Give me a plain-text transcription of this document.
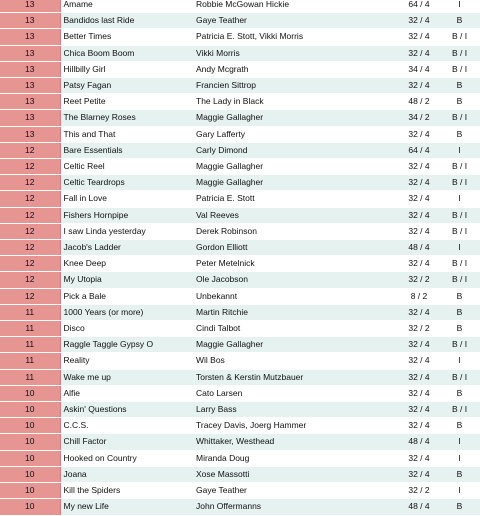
13	Amame	Robbie McGowan Hickie	64 / 4	I
13	Bandidos last Ride	Gaye Teather	32 / 4	B
13	Better Times	Patricia E. Stott, Vikki Morris	32 / 4	B / I
13	Chica Boom Boom	Vikki Morris	32 / 4	B / I
13	Hillbilly Girl	Andy Mcgrath	34 / 4	B / I
13	Patsy Fagan	Francien Sittrop	32 / 4	B
13	Reet Petite	The Lady in Black	48 / 2	B
13	The Blarney Roses	Maggie Gallagher	34 / 2	B / I
13	This and That	Gary Lafferty	32 / 4	B
12	Bare Essentials	Carly Dimond	64 / 4	I
12	Celtic Reel	Maggie Gallagher	32 / 4	B / I
12	Celtic Teardrops	Maggie Gallagher	32 / 4	B / I
12	Fall in Love	Patricia E. Stott	32 / 4	I
12	Fishers Hornpipe	Val Reeves	32 / 4	B / I
12	I saw Linda yesterday	Derek Robinson	32 / 4	B / I
12	Jacob's Ladder	Gordon Elliott	48 / 4	I
12	Knee Deep	Peter Metelnick	32 / 4	B / I
12	My Utopia	Ole Jacobson	32 / 2	B / I
12	Pick a Bale	Unbekannt	8 / 2	B
11	1000 Years (or more)	Martin Ritchie	32 / 4	B
11	Disco	Cindi Talbot	32 / 2	B
11	Raggle Taggle Gypsy O	Maggie Gallagher	32 / 4	B / I
11	Reality	Wil Bos	32 / 4	I
11	Wake me up	Torsten & Kerstin Mutzbauer	32 / 4	B / I
10	Alfie	Cato Larsen	32 / 4	B
10	Askin' Questions	Larry Bass	32 / 4	B / I
10	C.C.S.	Tracey Davis, Joerg Hammer	32 / 4	B
10	Chill Factor	Whittaker, Westhead	48 / 4	I
10	Hooked on Country	Miranda Doug	32 / 4	I
10	Joana	Xose Massotti	32 / 4	B
10	Kill the Spiders	Gaye Teather	32 / 2	I
10	My new Life	John Offermanns	48 / 4	B
